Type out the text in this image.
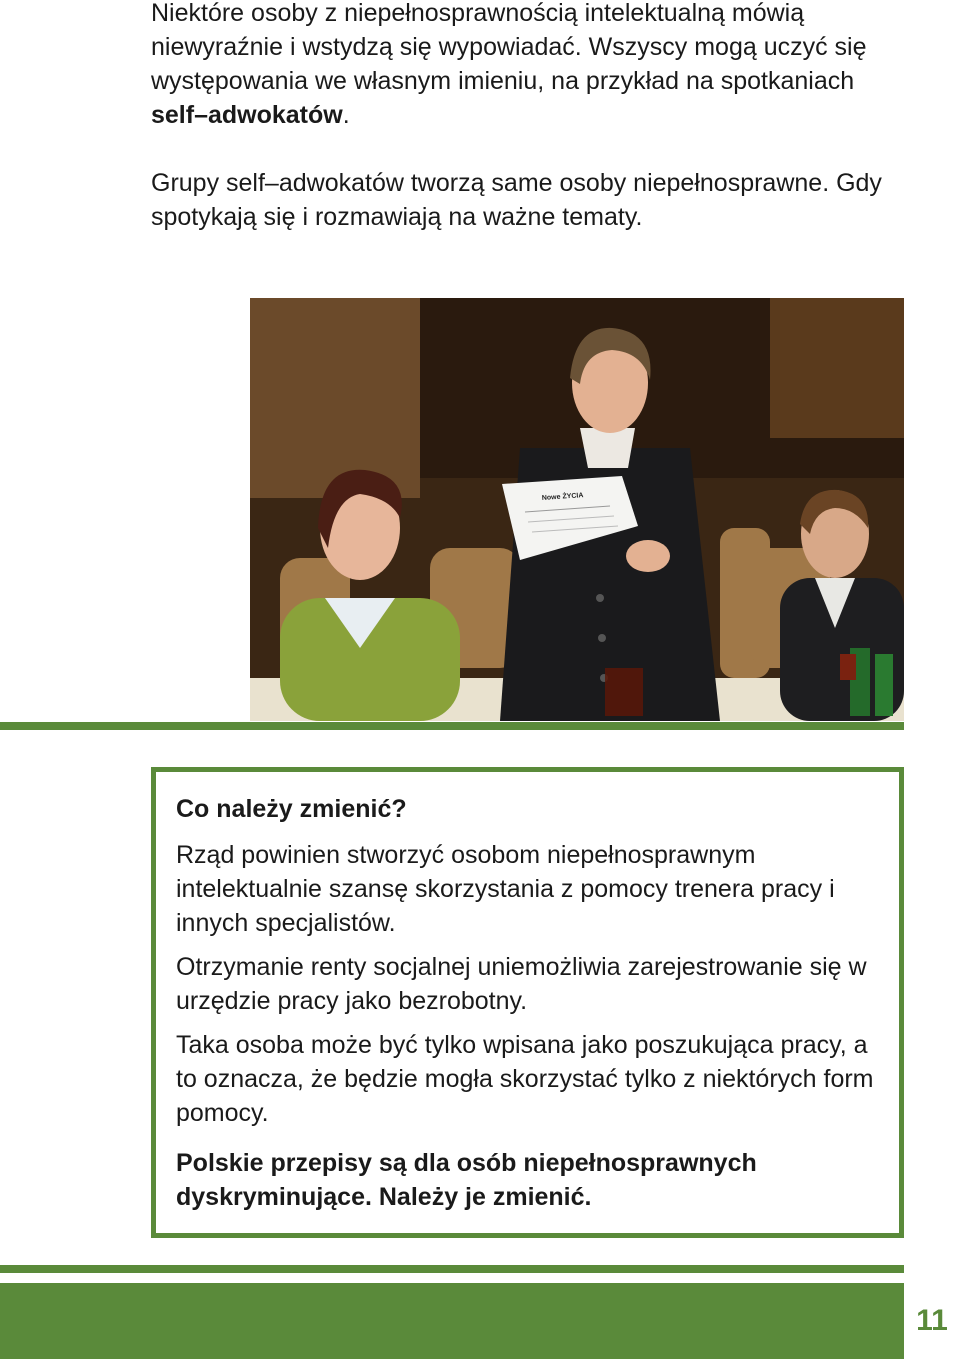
Niektóre osoby z niepełnosprawnością intelektualną mówią niewyraźnie i wstydzą się wypowiadać. Wszyscy mogą uczyć się występowania we własnym imieniu, na przykład na spotkaniach self–adwokatów.

Grupy self–adwokatów tworzą same osoby niepełnosprawne. Gdy spotykają się i rozmawiają na ważne tematy.

Nowe ŻYCIA
Co należy zmienić?

Rząd powinien stworzyć osobom niepełnosprawnym intelektualnie szansę skorzystania z pomocy trenera pracy i innych specjalistów.

Otrzymanie renty socjalnej uniemożliwia zarejestrowanie się w urzędzie pracy jako bezrobotny.

Taka osoba może być tylko wpisana jako poszukująca pracy, a to oznacza, że będzie mogła skorzystać tylko z niektórych form pomocy.

Polskie przepisy są dla osób niepełnosprawnych dyskryminujące. Należy je zmienić.

11
